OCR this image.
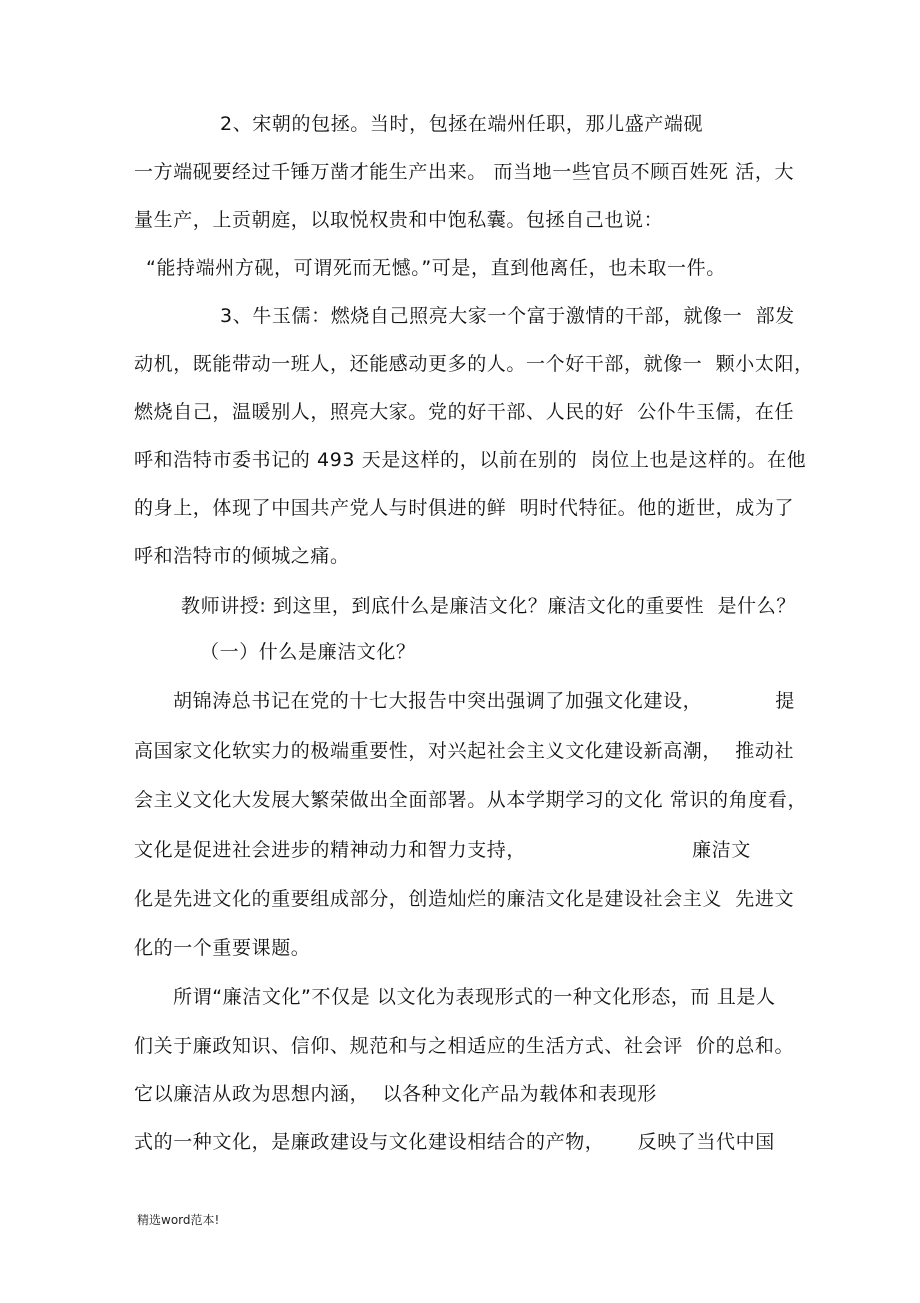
2、宋朝的包拯。当时，包拯在端州任职，那儿盛产端砚
一方端砚要经过千锤万凿才能生产出来。 而当地一些官员不顾百姓死 活，大
量生产，上贡朝庭，以取悦权贵和中饱私囊。包拯自己也说：
“能持端州方砚，可谓死而无憾。”可是，直到他离任，也未取一件。
3、牛玉儒：燃烧自己照亮大家一个富于激情的干部，就像一  部发
动机，既能带动一班人，还能感动更多的人。一个好干部，就像一  颗小太阳，
燃烧自己，温暖别人，照亮大家。党的好干部、人民的好  公仆牛玉儒，在任
呼和浩特市委书记的 493 天是这样的，以前在别的  岗位上也是这样的。在他
的身上，体现了中国共产党人与时俱进的鲜  明时代特征。他的逝世，成为了
呼和浩特市的倾城之痛。
教师讲授: 到这里，到底什么是廉洁文化？廉洁文化的重要性  是什么？
（一）什么是廉洁文化？
胡锦涛总书记在党的十七大报告中突出强调了加强文化建设，           提
高国家文化软实力的极端重要性，对兴起社会主义文化建设新高潮，  推动社
会主义文化大发展大繁荣做出全面部署。从本学期学习的文化 常识的角度看，
文化是促进社会进步的精神动力和智力支持，                         廉洁文
化是先进文化的重要组成部分，创造灿烂的廉洁文化是建设社会主义  先进文
化的一个重要课题。
所谓“廉洁文化”不仅是 以文化为表现形式的一种文化形态，而 且是人
们关于廉政知识、信仰、规范和与之相适应的生活方式、社会评  价的总和。
它以廉洁从政为思想内涵，  以各种文化产品为载体和表现形
式的一种文化，是廉政建设与文化建设相结合的产物，     反映了当代中国
精选word范本!
